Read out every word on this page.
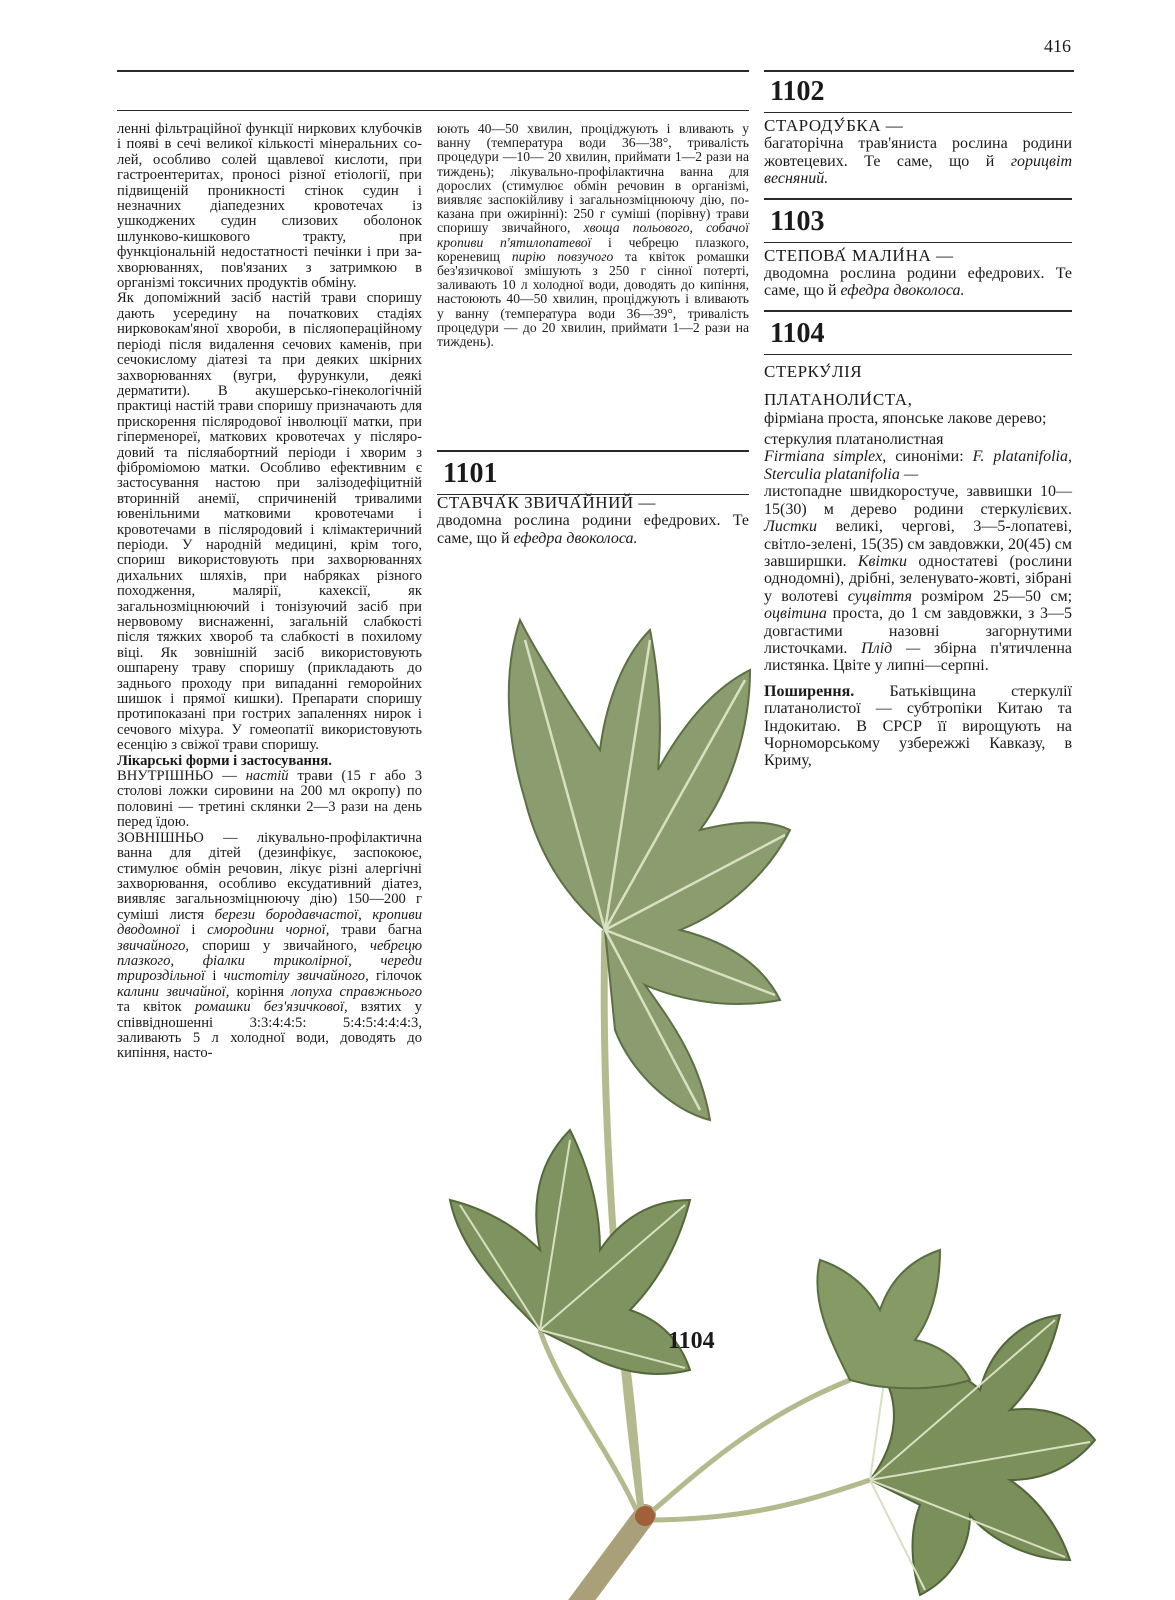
416

ленні фільтраційної функції ниркових клубочків і появі в сечі великої кількості мінеральних солей, особливо солей щавлевої кислоти, при гастроентеритах, проносі різної етіології, при підвищеній проникності стінок судин і незначних діапедезних кровотечах із ушкоджених судин слизових оболонок шлунково-кишкового тракту, при функціональній недостатності печінки і при захворюваннях, пов'язаних з затримкою в організмі токсичних продуктів обміну.

Як допоміжний засіб настій трави споришу дають усередину на початкових стадіях нирковокам'яної хвороби, в післяопераційному періоді після видалення сечових каменів, при сечокислому діатезі та при деяких шкірних захворюваннях (вугри, фурункули, деякі дерматити). В акушерсько-гінекологічній практиці настій трави споришу призначають для прискорення післяродової інволюції матки, при гіперменореї, маткових кровотечах у післяродовий та післяабортний періоди і хворим з фібромiомою матки. Особливо ефективним є застосування настою при залізодефіцитній вторинній анемії, спричиненій тривалими ювенільними матковими кровотечами і кровотечами в післяродовий і клімактеричний періоди. У народній медицині, крім того, спориш використовують при захворюваннях дихальних шляхів, при набряках різного походження, малярії, кахексії, як загальнозміцнюючий і тонізуючий засіб при нервовому виснаженні, загальній слабкості після тяжких хвороб та слабкості в похилому віці. Як зовнішній засіб використовують ошпарену траву споришу (прикладають до заднього проходу при випаданні геморойних шишок і прямої кишки). Препарати споришу протипоказані при гострих запаленнях нирок і сечового міхура. У гомеопатії використовують есенцію з свіжої трави споришу.

Лікарські форми і застосування.

ВНУТРІШНЬО — настій трави (15 г або 3 столові ложки сировини на 200 мл окропу) по половині — третині склянки 2—3 рази на день перед їдою.

ЗОВНІШНЬО — лікувально-профілактична ванна для дітей (дезинфікує, заспокоює, стимулює обмін речовин, лікує різні алергічні захворювання, особливо ексудативний діатез, виявляє загальнозміцнюючу дію) 150—200 г суміші листя берези бородавчастої, кропиви дводомної і смородини чорної, трави багна звичайного, спориш у звичайного, чебрецю плазкого, фіалки триколірної, череди трироздільної і чистотілу звичайного, гілочок калини звичайної, коріння лопуха справжнього та квіток ромашки без'язичкової, взятих у співвідношенні 3:3:4:4:5: 5:4:5:4:4:4:3, заливають 5 л холодної води, доводять до кипіння, насто-

юють 40—50 хвилин, проціджують і вливають у ванну (температура води 36—38°, тривалість процедури —10— 20 хвилин, приймати 1—2 рази на тиждень); лікувально-профілактична ванна для дорослих (стимулює обмін речовин в організмі, виявляє заспокійливу і загальнозміцнюючу дію, показана при ожирінні): 250 г суміші (порівну) трави споришу звичайного, хвоща польового, собачої кропиви п'ятилопатевої і чебрецю плазкого, кореневищ пирію повзучого та квіток ромашки без'язичкової змішують з 250 г сінної потерті, заливають 10 л холодної води, доводять до кипіння, настоюють 40—50 хвилин, проціджують і вливають у ванну (температура води 36—39°, тривалість процедури — до 20 хвилин, приймати 1—2 рази на тиждень).

1101
СТАВЧА́К ЗВИЧА́ЙНИЙ —
дводомна рослина родини ефедрових. Те саме, що й ефедра двоколоса.
1102
СТАРОДУ́БКА —

багаторічна трав'яниста рослина родини жовтецевих. Те саме, що й горицвіт весняний.

1103
СТЕПОВА́ МАЛИ́НА —

дводомна рослина родини ефедрових. Те саме, що й ефедра двоколоса.

1104
СТЕРКУ́ЛІЯ
ПЛАТАНОЛИ́СТА,

фірміана проста, японське лакове дерево;

стеркулия платанолистная

Firmiana simplex, синоніми: F. platanifolia, Sterculia platanifolia —

листопадне швидкоростуче, заввишки 10—15(30) м дерево родини стеркулієвих. Листки великі, чергові, 3—5-лопатеві, світло-зелені, 15(35) см завдовжки, 20(45) см завширшки. Квітки одностатеві (рослини однодомні), дрібні, зеленувато-жовті, зібрані у волотеві суцвіття розміром 25—50 см; оцвітина проста, до 1 см завдовжки, з 3—5 довгастими назовні загорнутими листочками. Плід — збірна п'ятичленна листянка. Цвіте у липні—серпні.

Поширення. Батьківщина стеркулії платанолистої — субтропіки Китаю та Індокитаю. В СРСР її вирощують на Чорноморському узбережжі Кавказу, в Криму,

1104
